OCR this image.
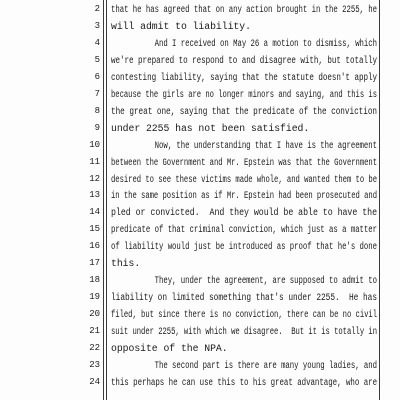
2 that he has agreed that on any action brought in the 2255, he
3 will admit to liability.
4 And I received on May 26 a motion to dismiss, which
5 we're prepared to respond to and disagree with, but totally
6 contesting liability, saying that the statute doesn't apply
7 because the girls are no longer minors and saying, and this is
8 the great one, saying that the predicate of the conviction
9 under 2255 has not been satisfied.
10 Now, the understanding that I have is the agreement
11 between the Government and Mr. Epstein was that the Government
12 desired to see these victims made whole, and wanted them to be
13 in the same position as if Mr. Epstein had been prosecuted and
14 pled or convicted.  And they would be able to have the
15 predicate of that criminal conviction, which just as a matter
16 of liability would just be introduced as proof that he's done
17 this.
18 They, under the agreement, are supposed to admit to
19 liability on limited something that's under 2255.  He has
20 filed, but since there is no conviction, there can be no civil
21 suit under 2255, with which we disagree.  But it is totally in
22 opposite of the NPA.
23 The second part is there are many young ladies, and
24 this perhaps he can use this to his great advantage, who are
